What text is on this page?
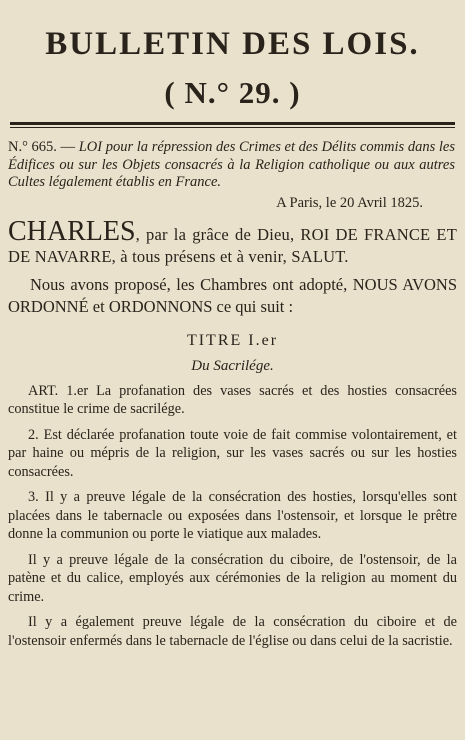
BULLETIN DES LOIS.
( N.° 29. )
N.° 665. — LOI pour la répression des Crimes et des Délits commis dans les Édifices ou sur les Objets consacrés à la Religion catholique ou aux autres Cultes légalement établis en France.
A Paris, le 20 Avril 1825.
CHARLES, par la grâce de Dieu, ROI DE FRANCE ET DE NAVARRE, à tous présens et à venir, SALUT.
Nous avons proposé, les Chambres ont adopté, NOUS AVONS ORDONNÉ et ORDONNONS ce qui suit :
TITRE I.er
Du Sacrilége.
ART. 1.er La profanation des vases sacrés et des hosties consacrées constitue le crime de sacrilége.
2. Est déclarée profanation toute voie de fait commise volontairement, et par haine ou mépris de la religion, sur les vases sacrés ou sur les hosties consacrées.
3. Il y a preuve légale de la consécration des hosties, lorsqu'elles sont placées dans le tabernacle ou exposées dans l'ostensoir, et lorsque le prêtre donne la communion ou porte le viatique aux malades.
Il y a preuve légale de la consécration du ciboire, de l'ostensoir, de la patène et du calice, employés aux cérémonies de la religion au moment du crime.
Il y a également preuve légale de la consécration du ciboire et de l'ostensoir enfermés dans le tabernacle de l'église ou dans celui de la sacristie.
